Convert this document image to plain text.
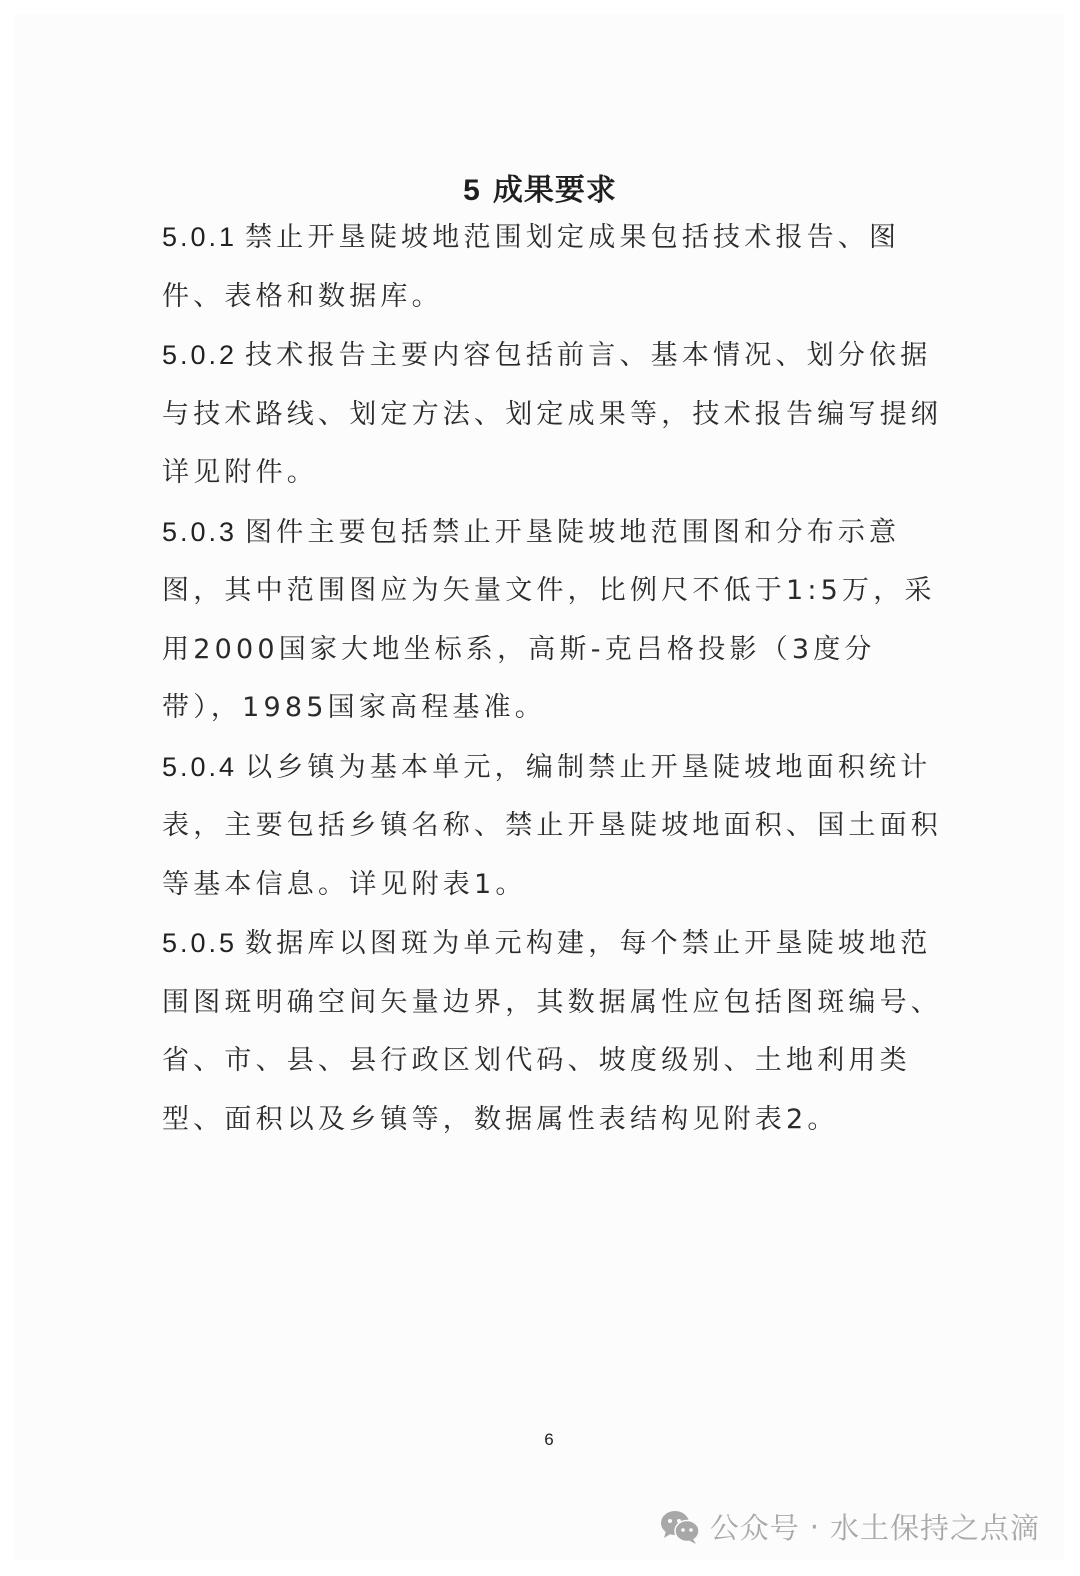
5 成果要求

5.0.1 禁止开垦陡坡地范围划定成果包括技术报告、图件、表格和数据库。

5.0.2 技术报告主要内容包括前言、基本情况、划分依据与技术路线、划定方法、划定成果等，技术报告编写提纲详见附件。

5.0.3 图件主要包括禁止开垦陡坡地范围图和分布示意图，其中范围图应为矢量文件，比例尺不低于1:5万，采用2000国家大地坐标系，高斯-克吕格投影（3度分带），1985国家高程基准。

5.0.4 以乡镇为基本单元，编制禁止开垦陡坡地面积统计表，主要包括乡镇名称、禁止开垦陡坡地面积、国土面积等基本信息。详见附表1。

5.0.5 数据库以图斑为单元构建，每个禁止开垦陡坡地范围图斑明确空间矢量边界，其数据属性应包括图斑编号、省、市、县、县行政区划代码、坡度级别、土地利用类型、面积以及乡镇等，数据属性表结构见附表2。

6
公众号 · 水土保持之点滴
